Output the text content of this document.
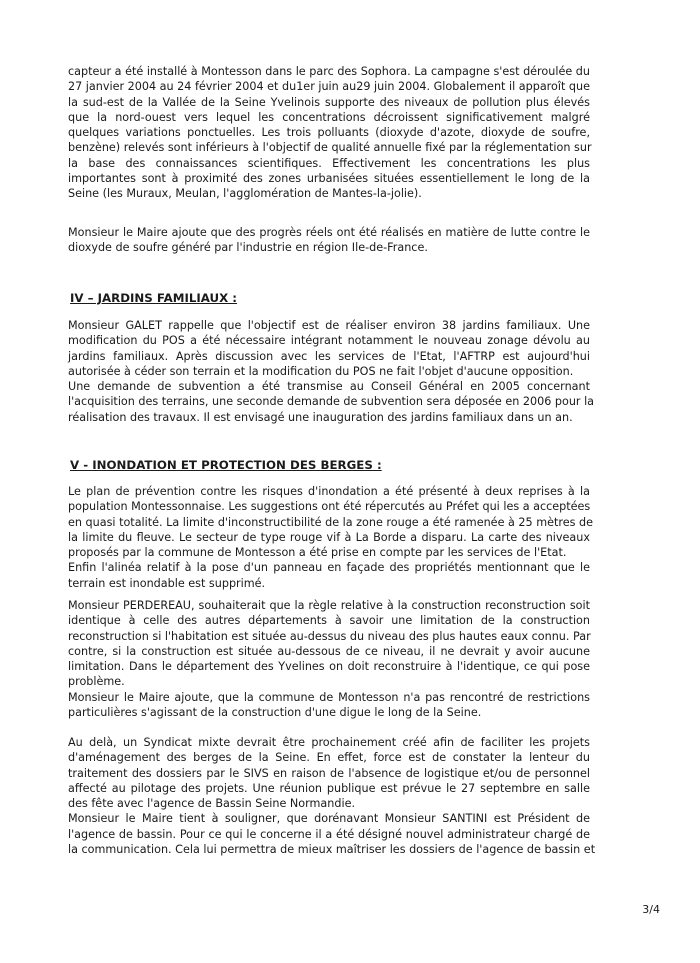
capteur a été installé à Montesson dans le parc des Sophora. La campagne s'est déroulée du
27 janvier 2004 au 24 février 2004 et du1er juin au29 juin 2004. Globalement il apparoît que
la sud-est de la Vallée de la Seine Yvelinois supporte des niveaux de pollution plus élevés
que la nord-ouest vers lequel les concentrations décroissent significativement malgré
quelques variations ponctuelles. Les trois polluants (dioxyde d'azote, dioxyde de soufre,
benzène) relevés sont inférieurs à l'objectif de qualité annuelle fixé par la réglementation sur
la base des connaissances scientifiques. Effectivement les concentrations les plus
importantes sont à proximité des zones urbanisées situées essentiellement le long de la
Seine (les Muraux, Meulan, l'agglomération de Mantes-la-jolie).
Monsieur le Maire ajoute que des progrès réels ont été réalisés en matière de lutte contre le
dioxyde de soufre généré par l'industrie en région Ile-de-France.
IV – JARDINS FAMILIAUX :
Monsieur GALET rappelle que l'objectif est de réaliser environ 38 jardins familiaux. Une
modification du POS a été nécessaire intégrant notamment le nouveau zonage dévolu au
jardins familiaux. Après discussion avec les services de l'Etat, l'AFTRP est aujourd'hui
autorisée à céder son terrain et la modification du POS ne fait l'objet d'aucune opposition.
Une demande de subvention a été transmise au Conseil Général en 2005 concernant
l'acquisition des terrains, une seconde demande de subvention sera déposée en 2006 pour la
réalisation des travaux. Il est envisagé une inauguration des jardins familiaux dans un an.
V - INONDATION ET PROTECTION DES BERGES :
Le plan de prévention contre les risques d'inondation a été présenté à deux reprises à la
population Montessonnaise. Les suggestions ont été répercutés au Préfet qui les a acceptées
en quasi totalité. La limite d'inconstructibilité de la zone rouge a été ramenée à 25 mètres de
la limite du fleuve. Le secteur de type rouge vif à La Borde a disparu. La carte des niveaux
proposés par la commune de Montesson a été prise en compte par les services de l'Etat.
Enfin l'alinéa relatif à la pose d'un panneau en façade des propriétés mentionnant que le
terrain est inondable est supprimé.
Monsieur PERDEREAU, souhaiterait que la règle relative à la construction reconstruction soit
identique à celle des autres départements à savoir une limitation de la construction
reconstruction si l'habitation est située au-dessus du niveau des plus hautes eaux connu. Par
contre, si la construction est située au-dessous de ce niveau, il ne devrait y avoir aucune
limitation. Dans le département des Yvelines on doit reconstruire à l'identique, ce qui pose
problème.
Monsieur le Maire ajoute, que la commune de Montesson n'a pas rencontré de restrictions
particulières s'agissant de la construction d'une digue le long de la Seine.
Au delà, un Syndicat mixte devrait être prochainement créé afin de faciliter les projets
d'aménagement des berges de la Seine. En effet, force est de constater la lenteur du
traitement des dossiers par le SIVS en raison de l'absence de logistique et/ou de personnel
affecté au pilotage des projets. Une réunion publique est prévue le 27 septembre en salle
des fête avec l'agence de Bassin Seine Normandie.
Monsieur le Maire tient à souligner, que dorénavant Monsieur SANTINI est Président de
l'agence de bassin. Pour ce qui le concerne il a été désigné nouvel administrateur chargé de
la communication. Cela lui permettra de mieux maîtriser les dossiers de l'agence de bassin et
3/4
